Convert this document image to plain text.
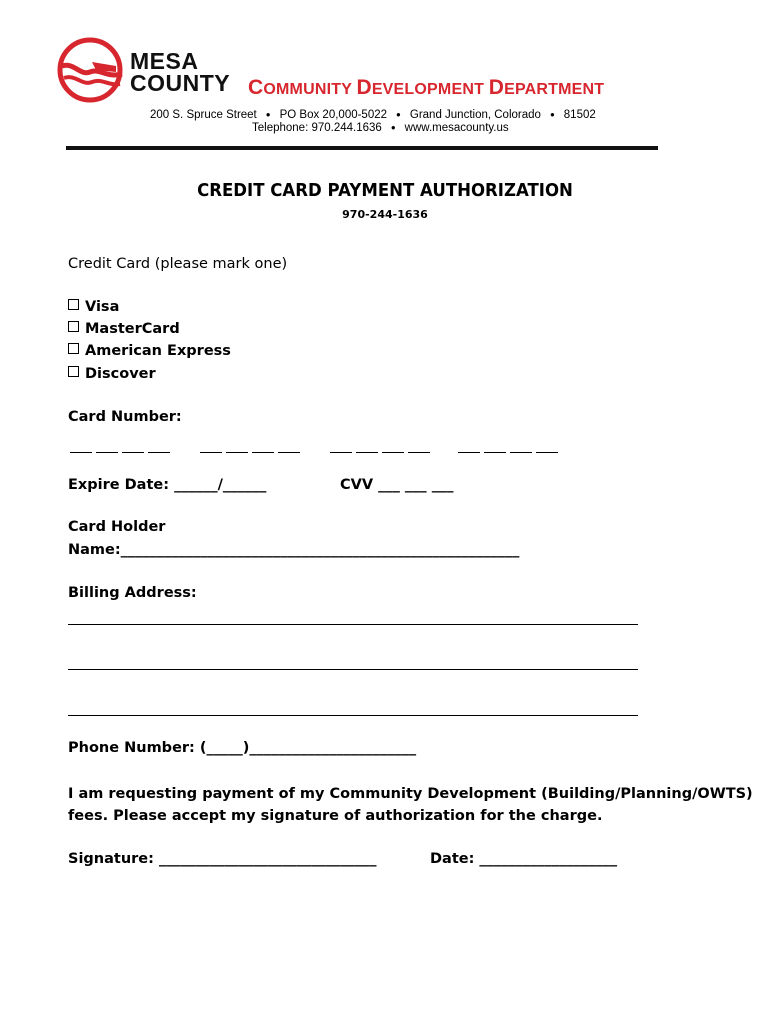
MESA
COUNTY COMMUNITY DEVELOPMENT DEPARTMENT
200 S. Spruce Street ● PO Box 20,000-5022 ● Grand Junction, Colorado ● 81502
Telephone: 970.244.1636 ● www.mesacounty.us
CREDIT CARD PAYMENT AUTHORIZATION
970-244-1636
Credit Card (please mark one)
Visa
MasterCard
American Express
Discover
Card Number:
Expire Date: ______/______	CVV ___ ___ ___
Card Holder
Name:_______________________________________________________
Billing Address:
Phone Number: (_____)_______________________
I am requesting payment of my Community Development (Building/Planning/OWTS)
fees. Please accept my signature of authorization for the charge.
Signature: ______________________________	Date: ___________________
